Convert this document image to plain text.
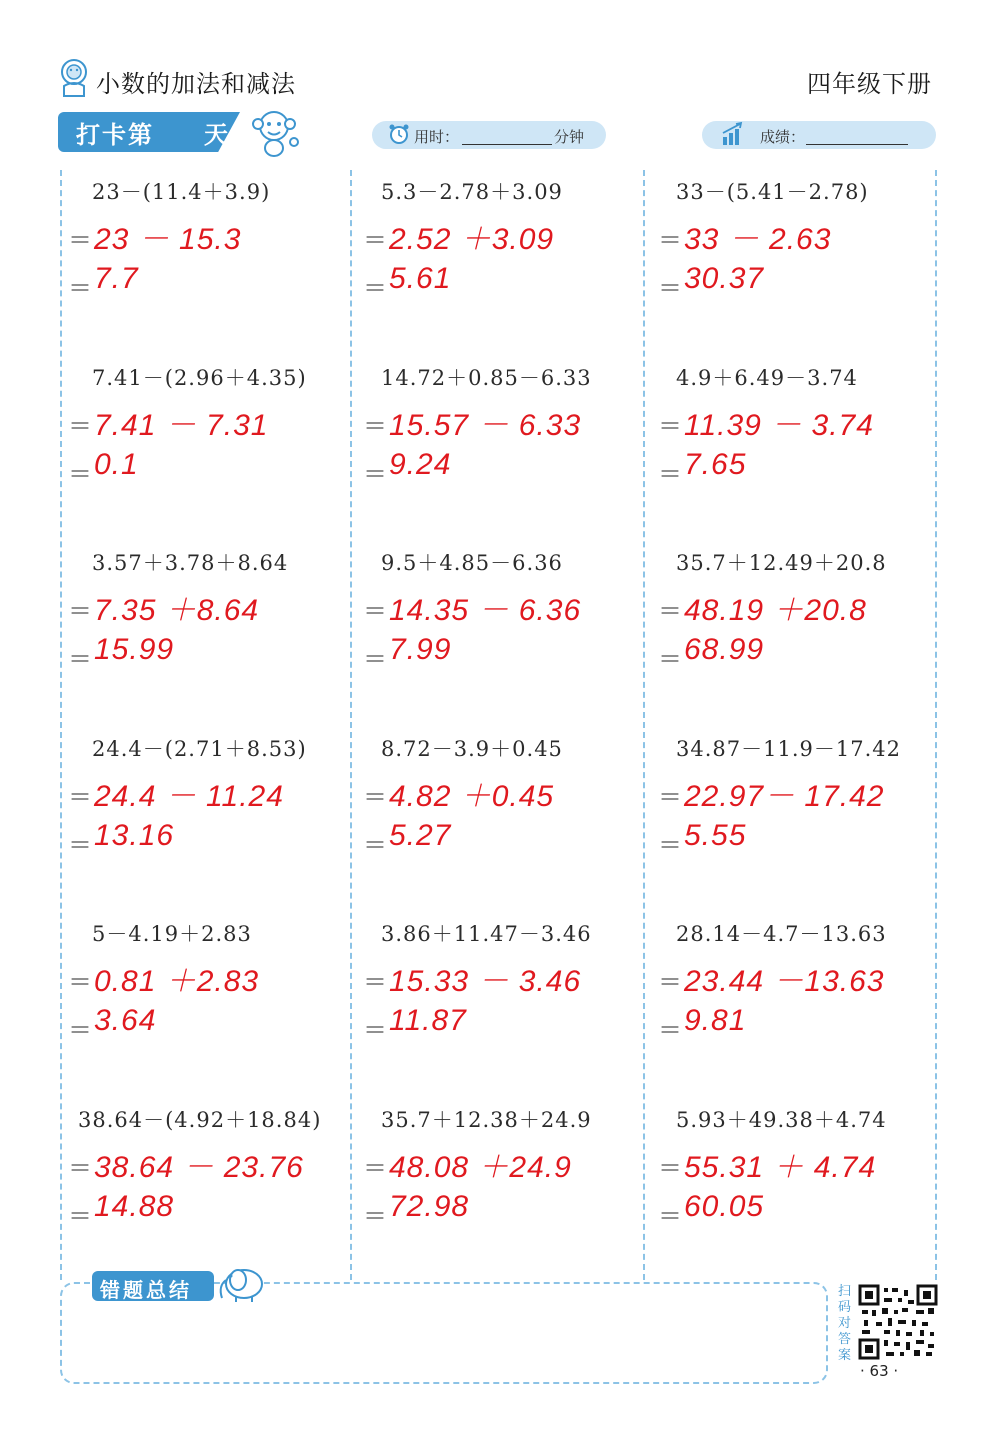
小数的加法和减法	四年级下册
打卡第 天	用时：	分钟	成绩：
23－(11.4＋3.9)
＝ 23 － 15.3
＝ 7.7
5.3－2.78＋3.09
＝ 2.52 ＋3.09
＝ 5.61
33－(5.41－2.78)
＝ 33 － 2.63
＝ 30.37
7.41－(2.96＋4.35)
＝ 7.41 － 7.31
＝ 0.1
14.72＋0.85－6.33
＝ 15.57 － 6.33
＝ 9.24
4.9＋6.49－3.74
＝ 11.39 － 3.74
＝ 7.65
3.57＋3.78＋8.64
＝ 7.35 ＋8.64
＝ 15.99
9.5＋4.85－6.36
＝ 14.35 － 6.36
＝ 7.99
35.7＋12.49＋20.8
＝ 48.19 ＋20.8
＝ 68.99
24.4－(2.71＋8.53)
＝ 24.4 － 11.24
＝ 13.16
8.72－3.9＋0.45
＝ 4.82 ＋0.45
＝ 5.27
34.87－11.9－17.42
＝ 22.97－ 17.42
＝ 5.55
5－4.19＋2.83
＝ 0.81 ＋2.83
＝ 3.64
3.86＋11.47－3.46
＝ 15.33 － 3.46
＝ 11.87
28.14－4.7－13.63
＝ 23.44 －13.63
＝ 9.81
38.64－(4.92＋18.84)
＝ 38.64 － 23.76
＝ 14.88
35.7＋12.38＋24.9
＝ 48.08 ＋24.9
＝ 72.98
5.93＋49.38＋4.74
＝ 55.31 ＋ 4.74
＝ 60.05
错题总结	扫码对答案
· 63 ·
